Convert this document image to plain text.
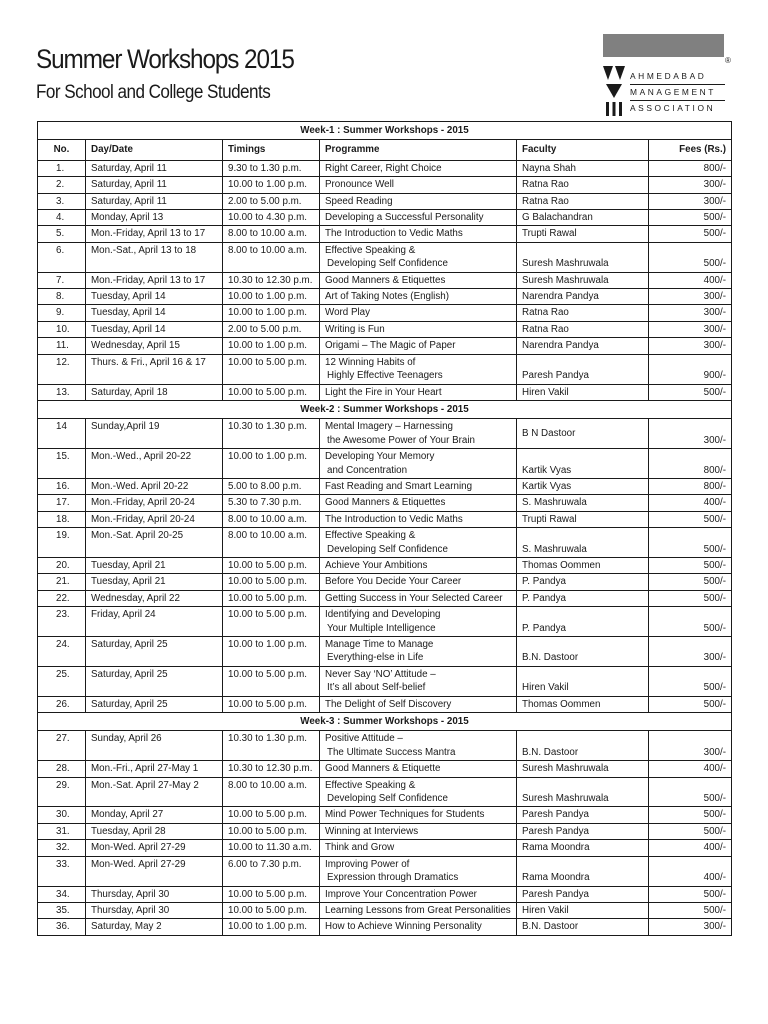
Summer Workshops 2015
For School and College Students
®
AHMEDABAD
MANAGEMENT
ASSOCIATION
Week-1 : Summer Workshops - 2015					
No.	Day/Date	Timings	Programme	Faculty	Fees (Rs.)
1.	Saturday, April 11	9.30 to 1.30 p.m.	Right Career, Right Choice	Nayna Shah	800/-
2.	Saturday, April 11	10.00 to 1.00 p.m.	Pronounce Well	Ratna Rao	300/-
3.	Saturday, April 11	2.00 to 5.00 p.m.	Speed Reading	Ratna Rao	300/-
4.	Monday, April 13	10.00 to 4.30 p.m.	Developing a Successful Personality	G Balachandran	500/-
5.	Mon.-Friday, April 13 to 17	8.00 to 10.00 a.m.	The Introduction to Vedic Maths	Trupti Rawal	500/-
6.	Mon.-Sat., April 13 to 18	8.00 to 10.00 a.m.	Effective Speaking &
Developing Self Confidence	Suresh Mashruwala	500/-
7.	Mon.-Friday, April 13 to 17	10.30 to 12.30 p.m.	Good Manners & Etiquettes	Suresh Mashruwala	400/-
8.	Tuesday, April 14	10.00 to 1.00 p.m.	Art of Taking Notes (English)	Narendra Pandya	300/-
9.	Tuesday, April 14	10.00 to 1.00 p.m.	Word Play	Ratna Rao	300/-
10.	Tuesday, April 14	2.00 to 5.00 p.m.	Writing is Fun	Ratna Rao	300/-
11.	Wednesday, April 15	10.00 to 1.00 p.m.	Origami – The Magic of Paper	Narendra Pandya	300/-
12.	Thurs. & Fri., April 16 & 17	10.00 to 5.00 p.m.	12 Winning Habits of
Highly Effective Teenagers	Paresh Pandya	900/-
13.	Saturday, April 18	10.00 to 5.00 p.m.	Light the Fire in Your Heart	Hiren Vakil	500/-
Week-2 : Summer Workshops - 2015					
14	Sunday,April 19	10.30 to 1.30 p.m.	Mental Imagery – Harnessing
the Awesome Power of Your Brain	B N Dastoor	300/-
15.	Mon.-Wed., April 20-22	10.00 to 1.00 p.m.	Developing Your Memory
and Concentration	Kartik Vyas	800/-
16.	Mon.-Wed. April 20-22	5.00 to 8.00 p.m.	Fast Reading and Smart Learning	Kartik Vyas	800/-
17.	Mon.-Friday, April 20-24	5.30 to 7.30 p.m.	Good Manners & Etiquettes	S. Mashruwala	400/-
18.	Mon.-Friday, April 20-24	8.00 to 10.00 a.m.	The Introduction to Vedic Maths	Trupti Rawal	500/-
19.	Mon.-Sat. April 20-25	8.00 to 10.00 a.m.	Effective Speaking &
Developing Self Confidence	S. Mashruwala	500/-
20.	Tuesday, April 21	10.00 to 5.00 p.m.	Achieve Your Ambitions	Thomas Oommen	500/-
21.	Tuesday, April 21	10.00 to 5.00 p.m.	Before You Decide Your Career	P. Pandya	500/-
22.	Wednesday, April 22	10.00 to 5.00 p.m.	Getting Success in Your Selected Career	P. Pandya	500/-
23.	Friday, April 24	10.00 to 5.00 p.m.	Identifying and Developing
Your Multiple Intelligence	P. Pandya	500/-
24.	Saturday, April 25	10.00 to 1.00 p.m.	Manage Time to Manage
Everything-else in Life	B.N. Dastoor	300/-
25.	Saturday, April 25	10.00 to 5.00 p.m.	Never Say ‘NO’ Attitude –
It’s all about Self-belief	Hiren Vakil	500/-
26.	Saturday, April 25	10.00 to 5.00 p.m.	The Delight of Self Discovery	Thomas Oommen	500/-
Week-3 : Summer Workshops - 2015					
27.	Sunday, April 26	10.30 to 1.30 p.m.	Positive Attitude –
The Ultimate Success Mantra	B.N. Dastoor	300/-
28.	Mon.-Fri., April 27-May 1	10.30 to 12.30 p.m.	Good Manners & Etiquette	Suresh Mashruwala	400/-
29.	Mon.-Sat. April 27-May 2	8.00 to 10.00 a.m.	Effective Speaking &
Developing Self Confidence	Suresh Mashruwala	500/-
30.	Monday, April 27	10.00 to 5.00 p.m.	Mind Power Techniques for Students	Paresh Pandya	500/-
31.	Tuesday, April 28	10.00 to 5.00 p.m.	Winning at Interviews	Paresh Pandya	500/-
32.	Mon-Wed. April 27-29	10.00 to 11.30 a.m.	Think and Grow	Rama Moondra	400/-
33.	Mon-Wed. April 27-29	6.00 to 7.30 p.m.	Improving Power of
Expression through Dramatics	Rama Moondra	400/-
34.	Thursday, April 30	10.00 to 5.00 p.m.	Improve Your Concentration Power	Paresh Pandya	500/-
35.	Thursday, April 30	10.00 to 5.00 p.m.	Learning Lessons from Great Personalities	Hiren Vakil	500/-
36.	Saturday, May 2	10.00 to 1.00 p.m.	How to Achieve Winning Personality	B.N. Dastoor	300/-
